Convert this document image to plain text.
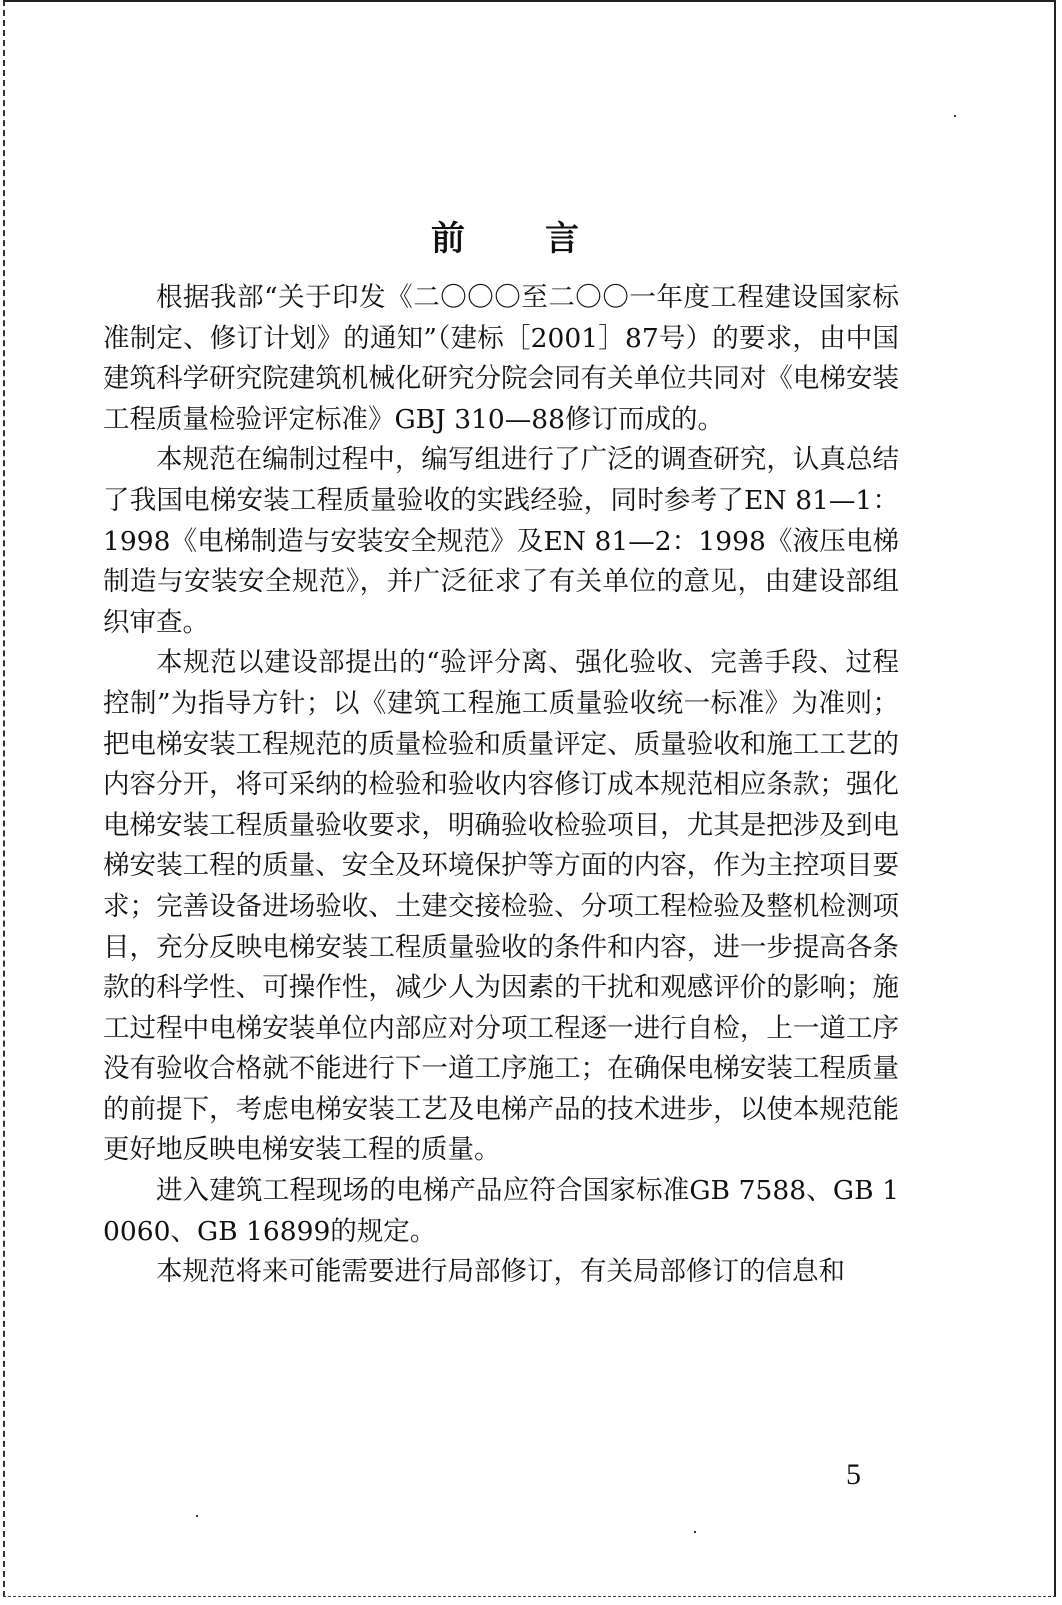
前 言

根据我部“关于印发《二〇〇〇至二〇〇一年度工程建设国家标准制定、修订计划》的通知”（建标［2001］87号）的要求，由中国建筑科学研究院建筑机械化研究分院会同有关单位共同对《电梯安装工程质量检验评定标准》GBJ 310—88修订而成的。

本规范在编制过程中，编写组进行了广泛的调查研究，认真总结了我国电梯安装工程质量验收的实践经验，同时参考了EN 81—1：1998《电梯制造与安装安全规范》及EN 81—2：1998《液压电梯制造与安装安全规范》，并广泛征求了有关单位的意见，由建设部组织审查。

本规范以建设部提出的“验评分离、强化验收、完善手段、过程控制”为指导方针；以《建筑工程施工质量验收统一标准》为准则；把电梯安装工程规范的质量检验和质量评定、质量验收和施工工艺的内容分开，将可采纳的检验和验收内容修订成本规范相应条款；强化电梯安装工程质量验收要求，明确验收检验项目，尤其是把涉及到电梯安装工程的质量、安全及环境保护等方面的内容，作为主控项目要求；完善设备进场验收、土建交接检验、分项工程检验及整机检测项目，充分反映电梯安装工程质量验收的条件和内容，进一步提高各条款的科学性、可操作性，减少人为因素的干扰和观感评价的影响；施工过程中电梯安装单位内部应对分项工程逐一进行自检，上一道工序没有验收合格就不能进行下一道工序施工；在确保电梯安装工程质量的前提下，考虑电梯安装工艺及电梯产品的技术进步，以使本规范能更好地反映电梯安装工程的质量。

进入建筑工程现场的电梯产品应符合国家标准GB 7588、GB 10060、GB 16899的规定。

本规范将来可能需要进行局部修订，有关局部修订的信息和

5
